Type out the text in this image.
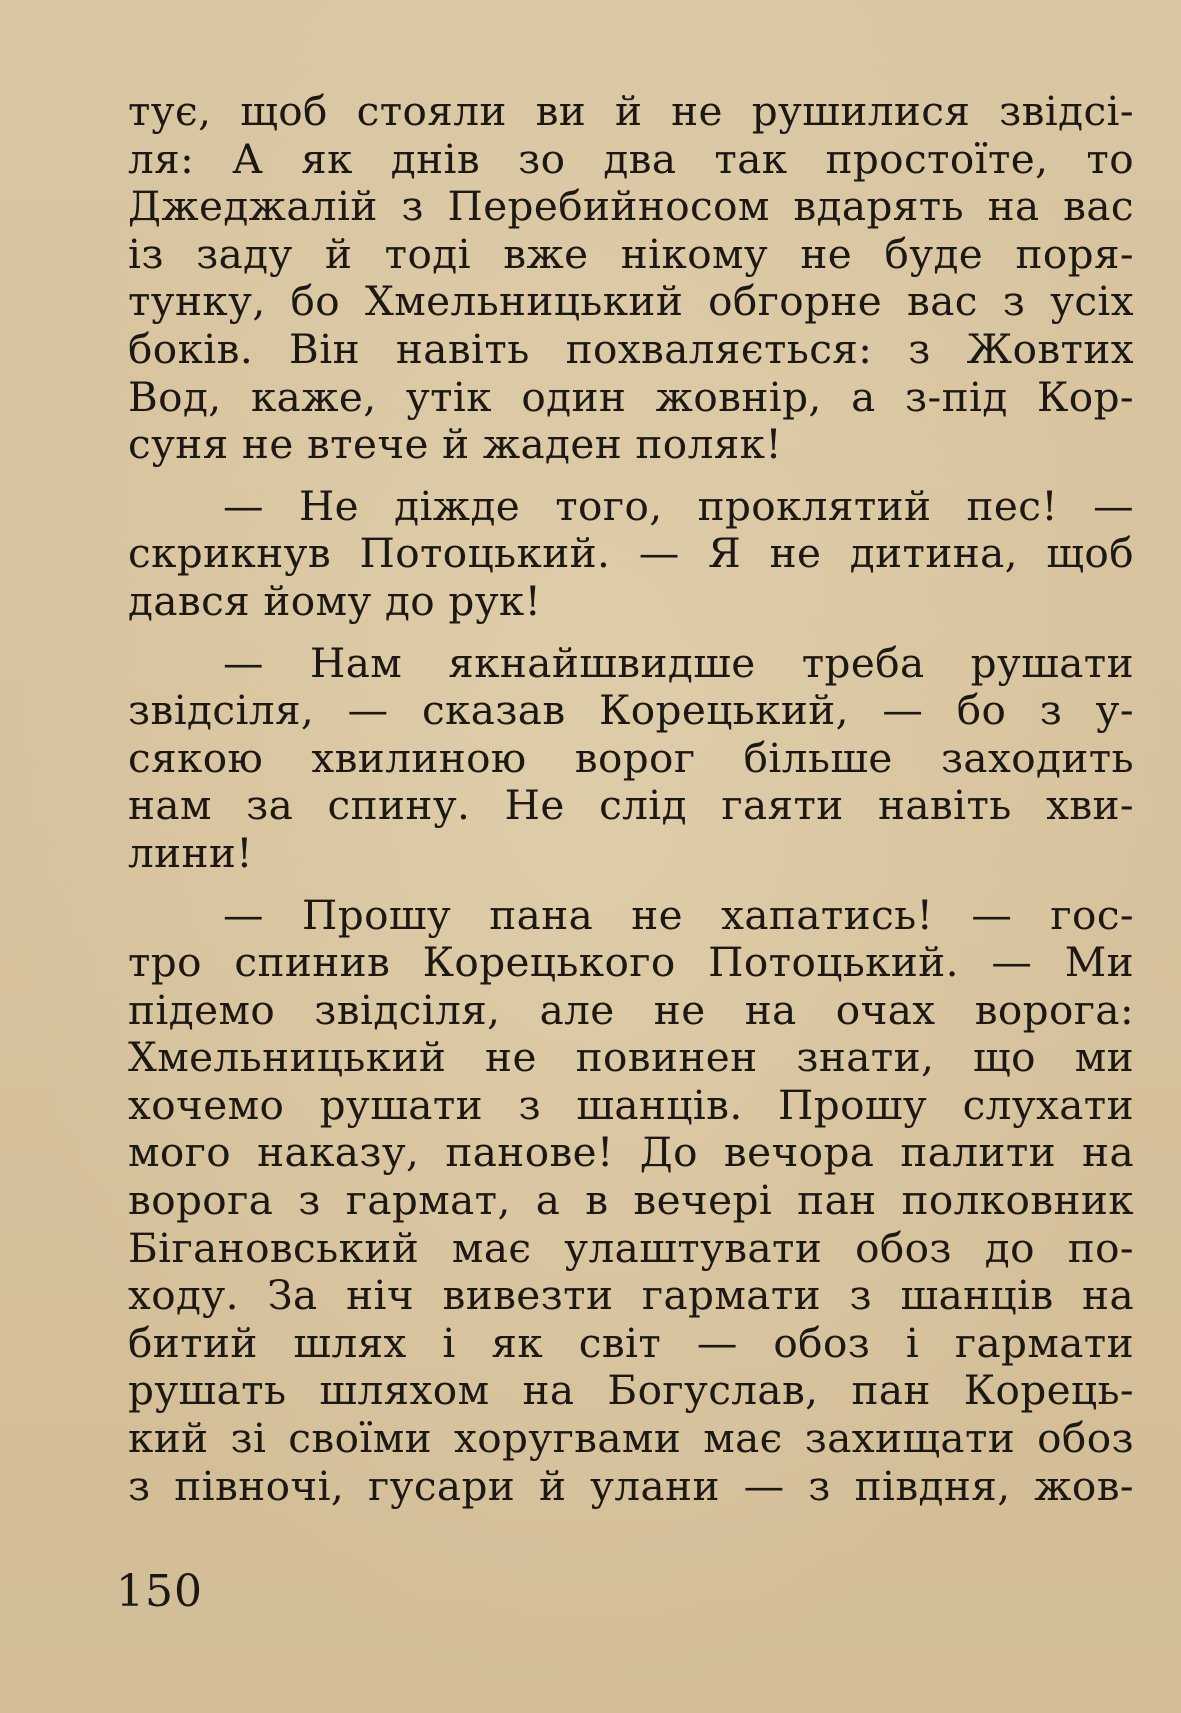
тує, щоб стояли ви й не рушилися звідсі-
ля: А як днів зо два так простоїте, то
Джеджалій з Перебийносом вдарять на вас
із заду й тоді вже нікому не буде поря-
тунку, бо Хмельницький обгорне вас з усіх
боків. Він навіть похваляється: з Жовтих
Вод, каже, утік один жовнір, а з-під Кор-
суня не втече й жаден поляк!

— Не діжде того, проклятий пес! —
скрикнув Потоцький. — Я не дитина, щоб
дався йому до рук!

— Нам якнайшвидше треба рушати
звідсіля, — сказав Корецький, — бо з у-
сякою хвилиною ворог більше заходить
нам за спину. Не слід гаяти навіть хви-
лини!

— Прошу пана не хапатись! — гос-
тро спинив Корецького Потоцький. — Ми
підемо звідсіля, але не на очах ворога:
Хмельницький не повинен знати, що ми
хочемо рушати з шанців. Прошу слухати
мого наказу, панове! До вечора палити на
ворога з гармат, а в вечері пан полковник
Бігановський має улаштувати обоз до по-
ходу. За ніч вивезти гармати з шанців на
битий шлях і як світ — обоз і гармати
рушать шляхом на Богуслав, пан Корець-
кий зі своїми хоругвами має захищати обоз
з півночі, гусари й улани — з півдня, жов-

150
